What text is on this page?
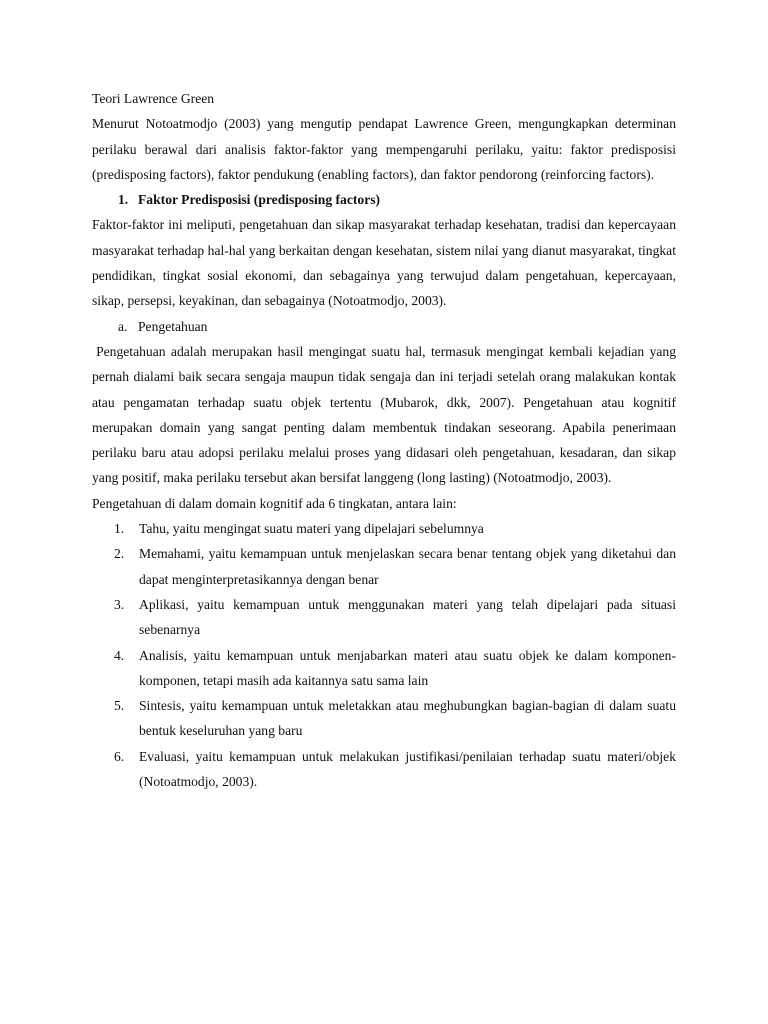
Teori Lawrence Green

Menurut Notoatmodjo (2003) yang mengutip pendapat Lawrence Green, mengungkapkan determinan perilaku berawal dari analisis faktor-faktor yang mempengaruhi perilaku, yaitu: faktor predisposisi (predisposing factors), faktor pendukung (enabling factors), dan faktor pendorong (reinforcing factors).

1. Faktor Predisposisi (predisposing factors)

Faktor-faktor ini meliputi, pengetahuan dan sikap masyarakat terhadap kesehatan, tradisi dan kepercayaan masyarakat terhadap hal-hal yang berkaitan dengan kesehatan, sistem nilai yang dianut masyarakat, tingkat pendidikan, tingkat sosial ekonomi, dan sebagainya yang terwujud dalam pengetahuan, kepercayaan, sikap, persepsi, keyakinan, dan sebagainya (Notoatmodjo, 2003).

a. Pengetahuan

Pengetahuan adalah merupakan hasil mengingat suatu hal, termasuk mengingat kembali kejadian yang pernah dialami baik secara sengaja maupun tidak sengaja dan ini terjadi setelah orang malakukan kontak atau pengamatan terhadap suatu objek tertentu (Mubarok, dkk, 2007). Pengetahuan atau kognitif merupakan domain yang sangat penting dalam membentuk tindakan seseorang. Apabila penerimaan perilaku baru atau adopsi perilaku melalui proses yang didasari oleh pengetahuan, kesadaran, dan sikap yang positif, maka perilaku tersebut akan bersifat langgeng (long lasting) (Notoatmodjo, 2003).

Pengetahuan di dalam domain kognitif ada 6 tingkatan, antara lain:

1. Tahu, yaitu mengingat suatu materi yang dipelajari sebelumnya
2. Memahami, yaitu kemampuan untuk menjelaskan secara benar tentang objek yang diketahui dan dapat menginterpretasikannya dengan benar
3. Aplikasi, yaitu kemampuan untuk menggunakan materi yang telah dipelajari pada situasi sebenarnya
4. Analisis, yaitu kemampuan untuk menjabarkan materi atau suatu objek ke dalam komponen-komponen, tetapi masih ada kaitannya satu sama lain
5. Sintesis, yaitu kemampuan untuk meletakkan atau meghubungkan bagian-bagian di dalam suatu bentuk keseluruhan yang baru
6. Evaluasi, yaitu kemampuan untuk melakukan justifikasi/penilaian terhadap suatu materi/objek (Notoatmodjo, 2003).
